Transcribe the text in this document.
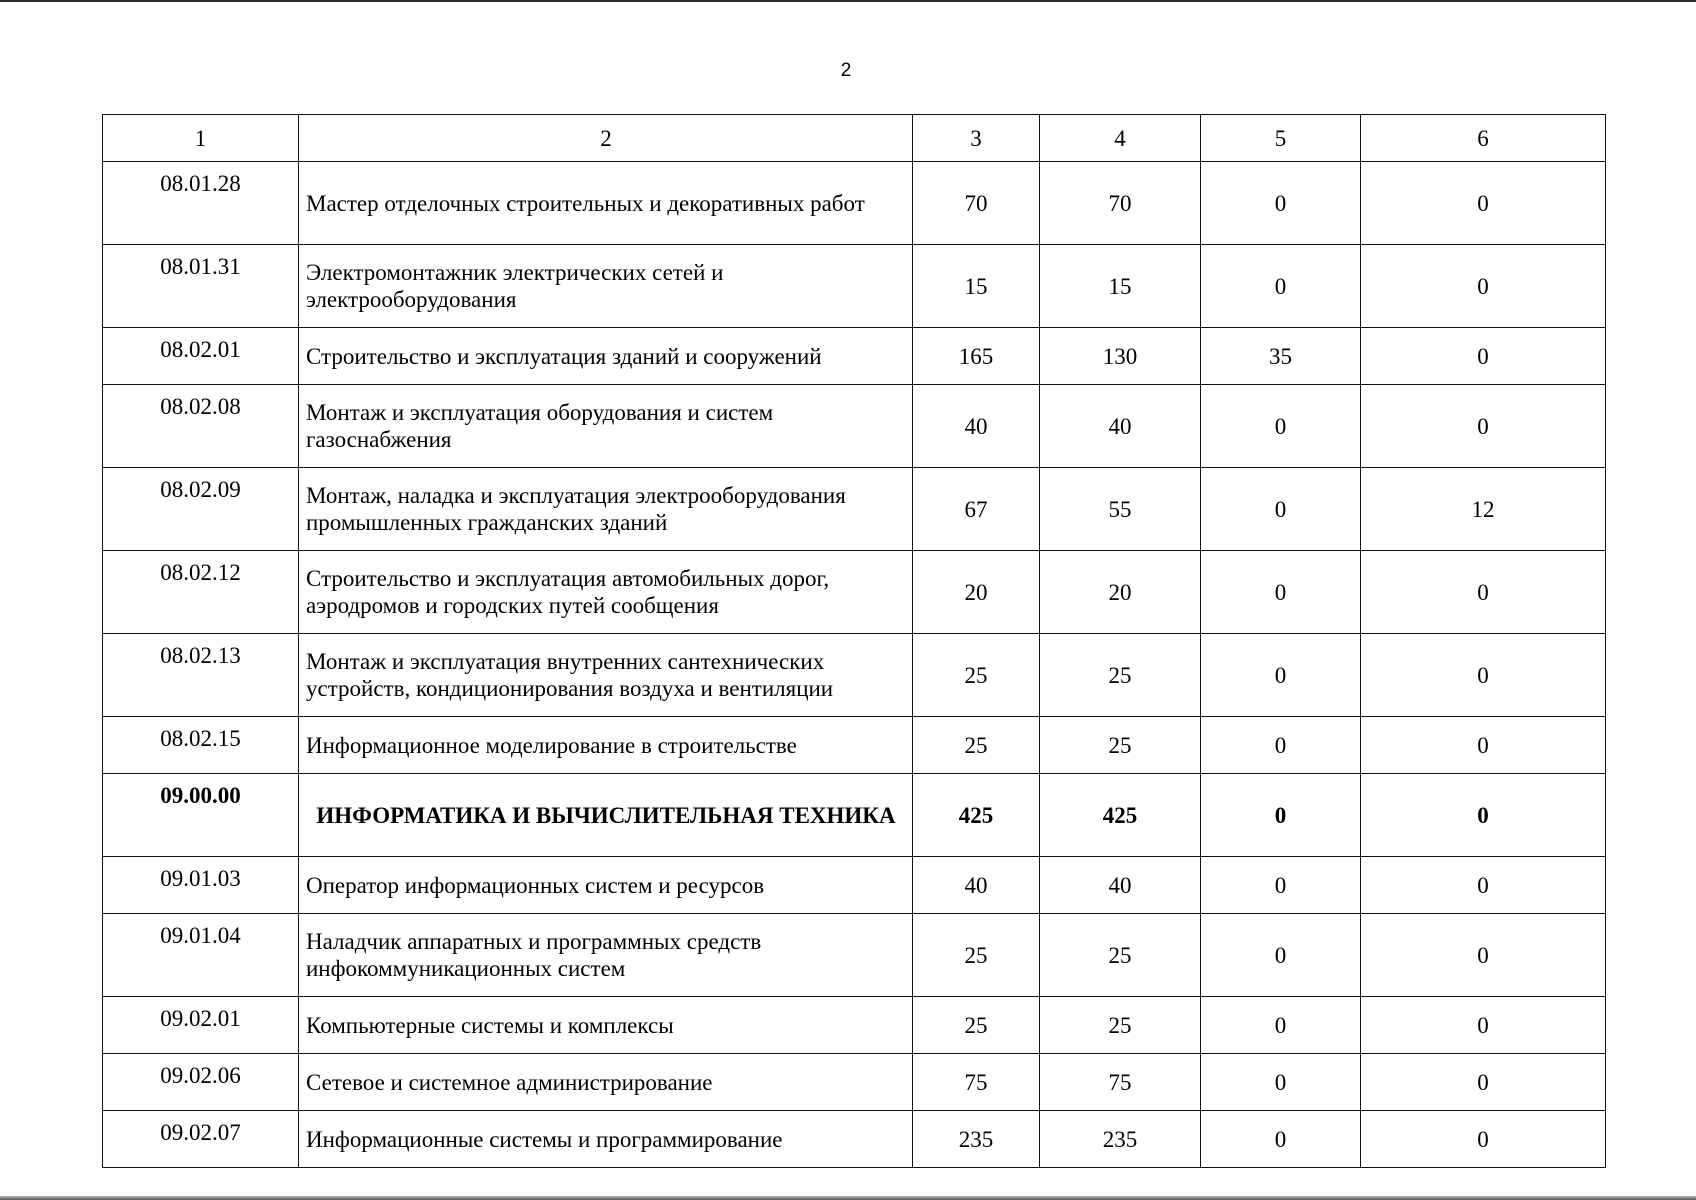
2
1	2	3	4	5	6
08.01.28	Мастер отделочных строительных и декоративных работ	70	70	0	0
08.01.31	Электромонтажник электрических сетей и электрооборудования	15	15	0	0
08.02.01	Строительство и эксплуатация зданий и сооружений	165	130	35	0
08.02.08	Монтаж и эксплуатация оборудования и систем газоснабжения	40	40	0	0
08.02.09	Монтаж, наладка и эксплуатация электрооборудования промышленных гражданских зданий	67	55	0	12
08.02.12	Строительство и эксплуатация автомобильных дорог, аэродромов и городских путей сообщения	20	20	0	0
08.02.13	Монтаж и эксплуатация внутренних сантехнических устройств, кондиционирования воздуха и вентиляции	25	25	0	0
08.02.15	Информационное моделирование в строительстве	25	25	0	0
09.00.00	ИНФОРМАТИКА И ВЫЧИСЛИТЕЛЬНАЯ ТЕХНИКА	425	425	0	0
09.01.03	Оператор информационных систем и ресурсов	40	40	0	0
09.01.04	Наладчик аппаратных и программных средств инфокоммуникационных систем	25	25	0	0
09.02.01	Компьютерные системы и комплексы	25	25	0	0
09.02.06	Сетевое и системное администрирование	75	75	0	0
09.02.07	Информационные системы и программирование	235	235	0	0
